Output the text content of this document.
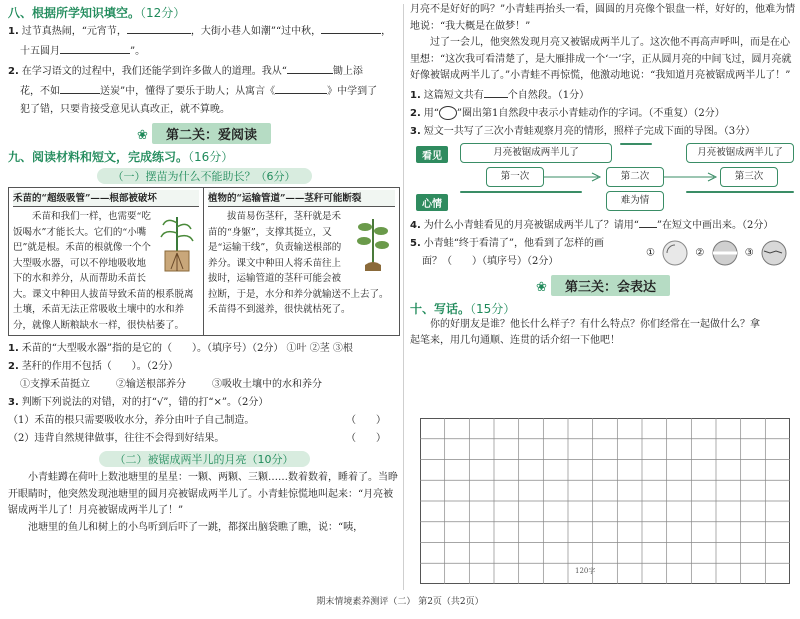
八、根据所学知识填空。（12分）
1. 过节真热闹，“元宵节，	，大街小巷人如潮”“过中秋，	，
十五圆月	”。
2. 在学习语文的过程中，我们还能学到许多做人的道理。我从“	锄上添
花，不如	送炭”中，懂得了要乐于助人；从寓言《	》中学到了
犯了错，只要肯接受意见认真改正，就不算晚。
❀ 第二关：爱阅读
九、阅读材料和短文，完成练习。（16分）
（一）摆苗为什么不能助长？（6分）
禾苗的“超级吸管”——根部被破坏
禾苗和我们一样，也需要“吃饭喝水”才能长大。它们的“小嘴巴”就是根。禾苗的根就像一个个大型吸水器，可以不停地吸收地下的水和养分，从而帮助禾苗长大。课文中种田人拔苗导致禾苗的根系脱离土壤，禾苗无法正常吸收土壤中的水和养分，就像人断粮缺水一样，很快枯萎了。
植物的“运输管道”——茎秆可能断裂
拔苗易伤茎秆，茎秆就是禾苗的“身躯”，支撑其挺立，又是“运输干线”，负责输送根部的养分。课文中种田人将禾苗往上拔时，运输管道的茎秆可能会被拉断，于是，水分和养分就输送不上去了。禾苗得不到滋养，很快就枯死了。
1. 禾苗的“大型吸水器”指的是它的（　　）。（填序号）（2分） ①叶 ②茎 ③根
2. 茎秆的作用不包括（　　）。（2分）
①支撑禾苗挺立	②输送根部养分	③吸收土壤中的水和养分
3. 判断下列说法的对错，对的打“√”，错的打“×”。（2分）
（1）禾苗的根只需要吸收水分，养分由叶子自己制造。	（　　）
（2）违背自然规律做事，往往不会得到好结果。	（　　）
（二）被锯成两半儿的月亮（10分）
小青蛙蹲在荷叶上数池塘里的星星：一颗、两颗、三颗……数着数着，睡着了。当睁开眼睛时，他突然发现池塘里的圆月亮被锯成两半儿了。小青蛙惊慌地叫起来：“月亮被锯成两半儿了！月亮被锯成两半儿了！”
池塘里的鱼儿和树上的小鸟听到后吓了一跳，都探出脑袋瞧了瞧，说：“咦，
月亮不是好好的吗？”小青蛙再抬头一看，圆圆的月亮像个银盘一样，好好的，他难为情地说：“我大概是在做梦！”
过了一会儿，他突然发现月亮又被锯成两半儿了。这次他不再高声呼叫，而是在心里想：“这次我可看清楚了，是大雁排成一个‘一’字，正从圆月亮的中间飞过，圆月亮就好像被锯成两半儿了。”小青蛙不再惊慌，他激动地说：“我知道月亮被锯成两半儿了！”
1. 这篇短文共有 个自然段。（1分）
2. 用“ ”圈出第1自然段中表示小青蛙动作的字词。（不重复）（2分）
3. 短文一共写了三次小青蛙观察月亮的情形，照样子完成下面的导图。（3分）
看见	月亮被锯成两半儿了	月亮被锯成两半儿了
第一次	第二次	第三次
心情	难为情
4. 为什么小青蛙看见的月亮被锯成两半儿了？请用“ ”在短文中画出来。（2分）
5. 小青蛙“终于看清了”，他看到了怎样的画
面？（　　）（填序号）（2分）
①	②	③
❀ 第三关：会表达
十、写话。（15分）
你的好朋友是谁？他长什么样子？有什么特点？你们经常在一起做什么？拿
起笔来，用几句通顺、连贯的话介绍一下他吧！
120字
期末情境素养测评（二） 第2页（共2页）
